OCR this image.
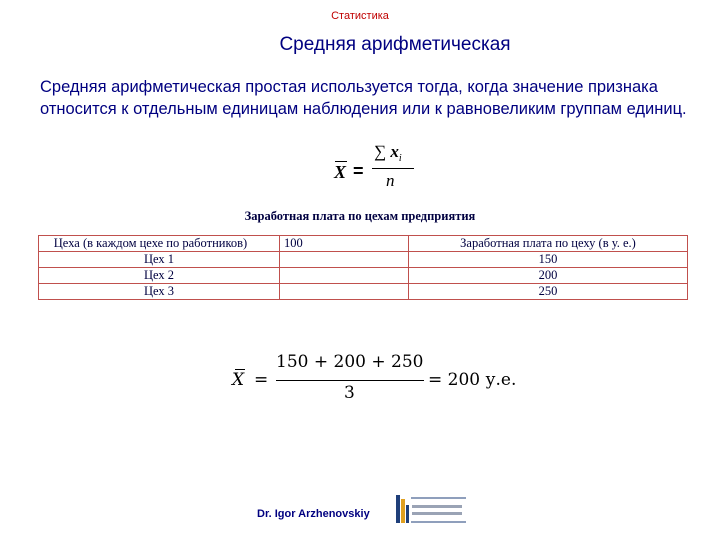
Статистика
Средняя арифметическая
Средняя арифметическая простая используется тогда, когда значение признака относится к отдельным единицам наблюдения или к равновеликим группам единиц.
X =
∑ $x_i$
n
Заработная плата по цехам предприятия
Цеха (в каждом цехе по работников)	100	Заработная плата по цеху (в у. е.)
Цех 1		150
Цех 2		200
Цех 3		250
X =
150 + 200 + 250
3
= 200 у.е.
Dr. Igor Arzhenovskiy
